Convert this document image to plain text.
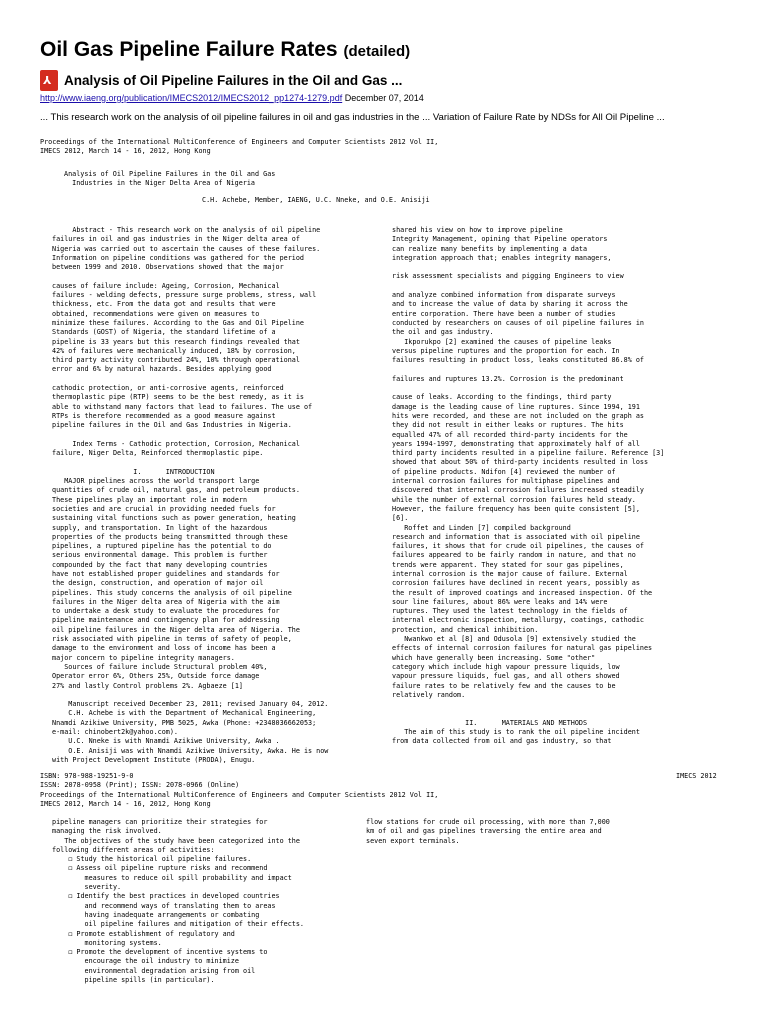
Oil Gas Pipeline Failure Rates (detailed)
⅄ Analysis of Oil Pipeline Failures in the Oil and Gas ...
http://www.iaeng.org/publication/IMECS2012/IMECS2012_pp1274-1279.pdf December 07, 2014
... This research work on the analysis of oil pipeline failures in oil and gas industries in the ... Variation of Failure Rate by NDSs for All Oil Pipeline ...
Proceedings of the International MultiConference of Engineers and Computer Scientists 2012 Vol II,
IMECS 2012, March 14 - 16, 2012, Hong Kong
Analysis of Oil Pipeline Failures in the Oil and Gas
Industries in the Niger Delta Area of Nigeria
C.H. Achebe, Member, IAENG, U.C. Nneke, and O.E. Anisiji
Abstract - This research work on the analysis of oil pipeline
failures in oil and gas industries in the Niger delta area of
Nigeria was carried out to ascertain the causes of these failures.
Information on pipeline conditions was gathered for the period
between 1999 and 2010. Observations showed that the major

causes of failure include: Ageing, Corrosion, Mechanical
failures - welding defects, pressure surge problems, stress, wall
thickness, etc. From the data got and results that were
obtained, recommendations were given on measures to
minimize these failures. According to the Gas and Oil Pipeline
Standards (GOST) of Nigeria, the standard lifetime of a
pipeline is 33 years but this research findings revealed that
42% of failures were mechanically induced, 18% by corrosion,
third party activity contributed 24%, 10% through operational
error and 6% by natural hazards. Besides applying good

cathodic protection, or anti-corrosive agents, reinforced
thermoplastic pipe (RTP) seems to be the best remedy, as it is
able to withstand many factors that lead to failures. The use of
RTPs is therefore recommended as a good measure against
pipeline failures in the Oil and Gas Industries in Nigeria.

Index Terms - Cathodic protection, Corrosion, Mechanical
failure, Niger Delta, Reinforced thermoplastic pipe.

I.      INTRODUCTION
MAJOR pipelines across the world transport large
quantities of crude oil, natural gas, and petroleum products.
These pipelines play an important role in modern
societies and are crucial in providing needed fuels for
sustaining vital functions such as power generation, heating
supply, and transportation. In light of the hazardous
properties of the products being transmitted through these
pipelines, a ruptured pipeline has the potential to do
serious environmental damage. This problem is further
compounded by the fact that many developing countries
have not established proper guidelines and standards for
the design, construction, and operation of major oil
pipelines. This study concerns the analysis of oil pipeline
failures in the Niger delta area of Nigeria with the aim
to undertake a desk study to evaluate the procedures for
pipeline maintenance and contingency plan for addressing
oil pipeline failures in the Niger delta area of Nigeria. The
risk associated with pipeline in terms of safety of people,
damage to the environment and loss of income has been a
major concern to pipeline integrity managers.
Sources of failure include Structural problem 40%,
Operator error 6%, Others 25%, Outside force damage
27% and lastly Control problems 2%. Agbaeze [1]

Manuscript received December 23, 2011; revised January 04, 2012.
C.H. Achebe is with the Department of Mechanical Engineering,
Nnamdi Azikiwe University, PMB 5025, Awka (Phone: +2348036662053;
e-mail: chinobert2k@yahoo.com).
U.C. Nneke is with Nnamdi Azikiwe University, Awka .
O.E. Anisiji was with Nnamdi Azikiwe University, Awka. He is now
with Project Development Institute (PRODA), Enugu.
shared his view on how to improve pipeline
Integrity Management, opining that Pipeline operators
can realize many benefits by implementing a data
integration approach that; enables integrity managers,

risk assessment specialists and pigging Engineers to view

and analyze combined information from disparate surveys
and to increase the value of data by sharing it across the
entire corporation. There have been a number of studies
conducted by researchers on causes of oil pipeline failures in
the oil and gas industry.
Ikporukpo [2] examined the causes of pipeline leaks
versus pipeline ruptures and the proportion for each. In
failures resulting in product loss, leaks constituted 86.8% of

failures and ruptures 13.2%. Corrosion is the predominant

cause of leaks. According to the findings, third party
damage is the leading cause of line ruptures. Since 1994, 191
hits were recorded, and these are not included on the graph as
they did not result in either leaks or ruptures. The hits
equalled 47% of all recorded third-party incidents for the
years 1994-1997, demonstrating that approximately half of all
third party incidents resulted in a pipeline failure. Reference [3]
showed that about 50% of third-party incidents resulted in loss
of pipeline products. Ndifon [4] reviewed the number of
internal corrosion failures for multiphase pipelines and
discovered that internal corrosion failures increased steadily
while the number of external corrosion failures held steady.
However, the failure frequency has been quite consistent [5],
[6].
Roffet and Linden [7] compiled background
research and information that is associated with oil pipeline
failures, it shows that for crude oil pipelines, the causes of
failures appeared to be fairly random in nature, and that no
trends were apparent. They stated for sour gas pipelines,
internal corrosion is the major cause of failure. External
corrosion failures have declined in recent years, possibly as
the result of improved coatings and increased inspection. Of the
sour line failures, about 86% were leaks and 14% were
ruptures. They used the latest technology in the fields of
internal electronic inspection, metallurgy, coatings, cathodic
protection, and chemical inhibition.
Nwankwo et al [8] and Odusola [9] extensively studied the
effects of internal corrosion failures for natural gas pipelines
which have generally been increasing. Some "other"
category which include high vapour pressure liquids, low
vapour pressure liquids, fuel gas, and all others showed
failure rates to be relatively few and the causes to be
relatively random.

II.      MATERIALS AND METHODS
The aim of this study is to rank the oil pipeline incident
from data collected from oil and gas industry, so that
ISBN: 978-988-19251-9-0
ISSN: 2078-0958 (Print); ISSN: 2078-0966 (Online)
IMECS 2012
Proceedings of the International MultiConference of Engineers and Computer Scientists 2012 Vol II,
IMECS 2012, March 14 - 16, 2012, Hong Kong
pipeline managers can prioritize their strategies for
managing the risk involved.
The objectives of the study have been categorized into the
following different areas of activities:
◻ Study the historical oil pipeline failures.
◻ Assess oil pipeline rupture risks and recommend
measures to reduce oil spill probability and impact
severity.
◻ Identify the best practices in developed countries
and recommend ways of translating them to areas
having inadequate arrangements or combating
oil pipeline failures and mitigation of their effects.
◻ Promote establishment of regulatory and
monitoring systems.
◻ Promote the development of incentive systems to
encourage the oil industry to minimize
environmental degradation arising from oil
pipeline spills (in particular).
flow stations for crude oil processing, with more than 7,000
km of oil and gas pipelines traversing the entire area and
seven export terminals.
